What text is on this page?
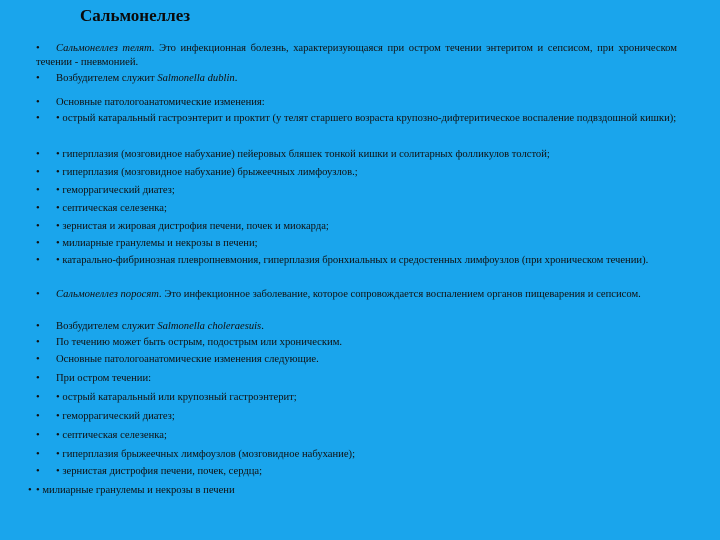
Сальмонеллез
•	Сальмонеллез телят. Это инфекционная болезнь, характеризующаяся при остром течении энтеритом и сепсисом, при хроническом течении - пневмонией.
•	Возбудителем служит Salmonella dublin.
•	Основные патологоанатомические изменения:
•	• острый катаральный гастроэнтерит и проктит (у телят старшего возраста крупозно-дифтеритическое воспаление подвздошной кишки);
•	• гиперплазия (мозговидное набухание) пейеровых бляшек тонкой кишки и солитарных фолликулов толстой;
•	• гиперплазия (мозговидное набухание) брыжеечных лимфоузлов.;
•	• геморрагический диатез;
•	• септическая селезенка;
•	• зернистая и жировая дистрофия печени, почек и миокарда;
•	• милиарные гранулемы и некрозы в печени;
•	• катарально-фибринозная плевропневмония, гиперплазия бронхиальных и средостенных лимфоузлов (при хроническом течении).
•	Сальмонеллез поросят. Это инфекционное заболевание, которое сопровождается воспалением органов пищеварения и сепсисом.
•	Возбудителем служит Salmonella choleraesuis.
•	По течению может быть острым, подострым или хроническим.
•	Основные патологоанатомические изменения следующие.
•	При остром течении:
•	• острый катаральный или крупозный гастроэнтерит;
•	• геморрагический диатез;
•	• септическая селезенка;
•	• гиперплазия брыжеечных лимфоузлов (мозговидное набухание);
•	• зернистая дистрофия печени, почек, сердца;
• • милиарные гранулемы и некрозы в печени
